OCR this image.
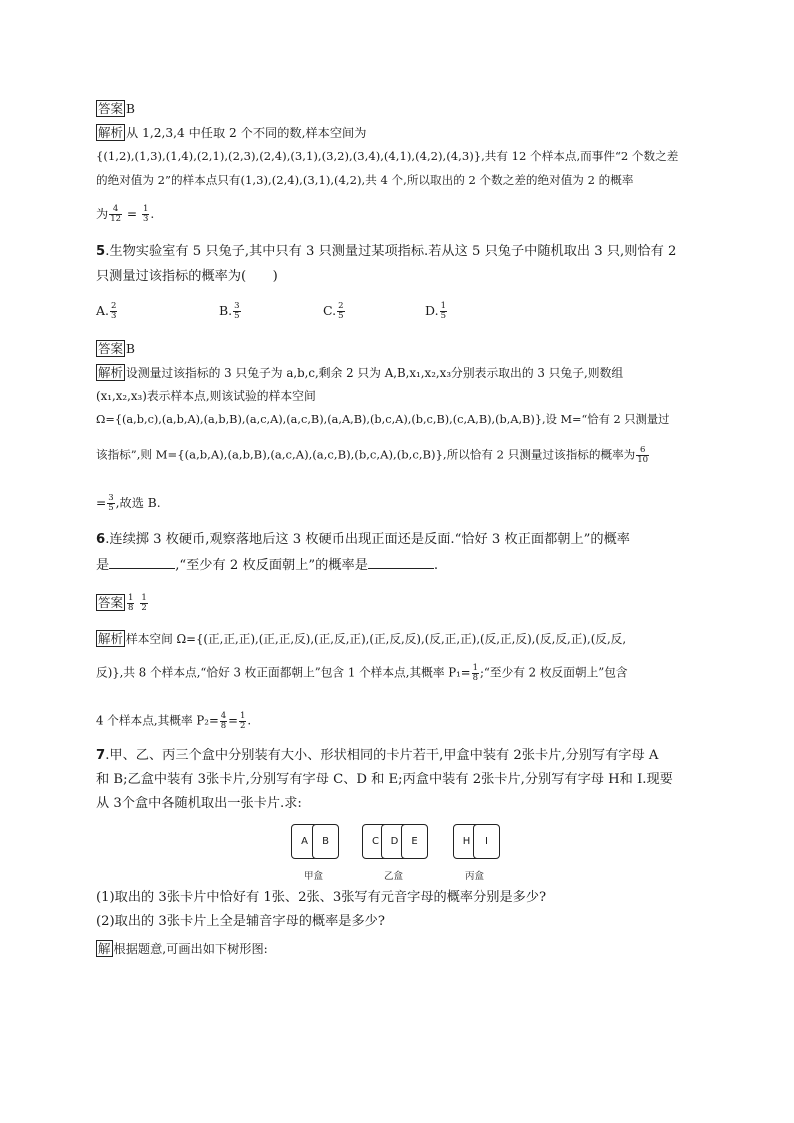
答案 B
解析 从 1,2,3,4 中任取 2 个不同的数,样本空间为
{(1,2),(1,3),(1,4),(2,1),(2,3),(2,4),(3,1),(3,2),(3,4),(4,1),(4,2),(4,3)},共有 12 个样本点,而事件“2 个数之差
的绝对值为 2”的样本点只有(1,3),(2,4),(3,1),(4,2),共 4 个,所以取出的 2 个数之差的绝对值为 2 的概率
为 $\frac{4}{12} = \frac{1}{3}$ .
5.生物实验室有 5 只兔子,其中只有 3 只测量过某项指标.若从这 5 只兔子中随机取出 3 只,则恰有 2
只测量过该指标的概率为(　　)
A. $\frac{2}{3}$	B. $\frac{3}{5}$	C. $\frac{2}{5}$	D. $\frac{1}{5}$
答案 B
解析 设测量过该指标的 3 只兔子为 a,b,c,剩余 2 只为 A,B,x₁,x₂,x₃分别表示取出的 3 只兔子,则数组
(x₁,x₂,x₃)表示样本点,则该试验的样本空间
Ω={(a,b,c),(a,b,A),(a,b,B),(a,c,A),(a,c,B),(a,A,B),(b,c,A),(b,c,B),(c,A,B),(b,A,B)},设 M=“恰有 2 只测量过
该指标”,则 M={(a,b,A),(a,b,B),(a,c,A),(a,c,B),(b,c,A),(b,c,B)},所以恰有 2 只测量过该指标的概率为 $\frac{6}{10}$
= $\frac{3}{5}$ ,故选 B.
6.连续掷 3 枚硬币,观察落地后这 3 枚硬币出现正面还是反面.“恰好 3 枚正面都朝上”的概率
是	,“至少有 2 枚反面朝上”的概率是	.
答案 $\frac{1}{8}$
$\frac{1}{2}$
解析 样本空间 Ω={(正,正,正),(正,正,反),(正,反,正),(正,反,反),(反,正,正),(反,正,反),(反,反,正),(反,反,
反)},共 8 个样本点,“恰好 3 枚正面都朝上”包含 1 个样本点,其概率 $P_1= \frac{1}{8}$ ;“至少有 2 枚反面朝上”包含
4 个样本点,其概率 $P_2= \frac{4}{8} = \frac{1}{2}$ .
7.甲、乙、丙三个盒中分别装有大小、形状相同的卡片若干,甲盒中装有 2张卡片,分别写有字母 A
和 B;乙盒中装有 3张卡片,分别写有字母 C、D 和 E;丙盒中装有 2张卡片,分别写有字母 H和 I.现要
从 3个盒中各随机取出一张卡片.求:
A	B
甲盒
C	D	E
乙盒
H	I
丙盒
(1)取出的 3张卡片中恰好有 1张、2张、3张写有元音字母的概率分别是多少?
(2)取出的 3张卡片上全是辅音字母的概率是多少?
解 根据题意,可画出如下树形图:
